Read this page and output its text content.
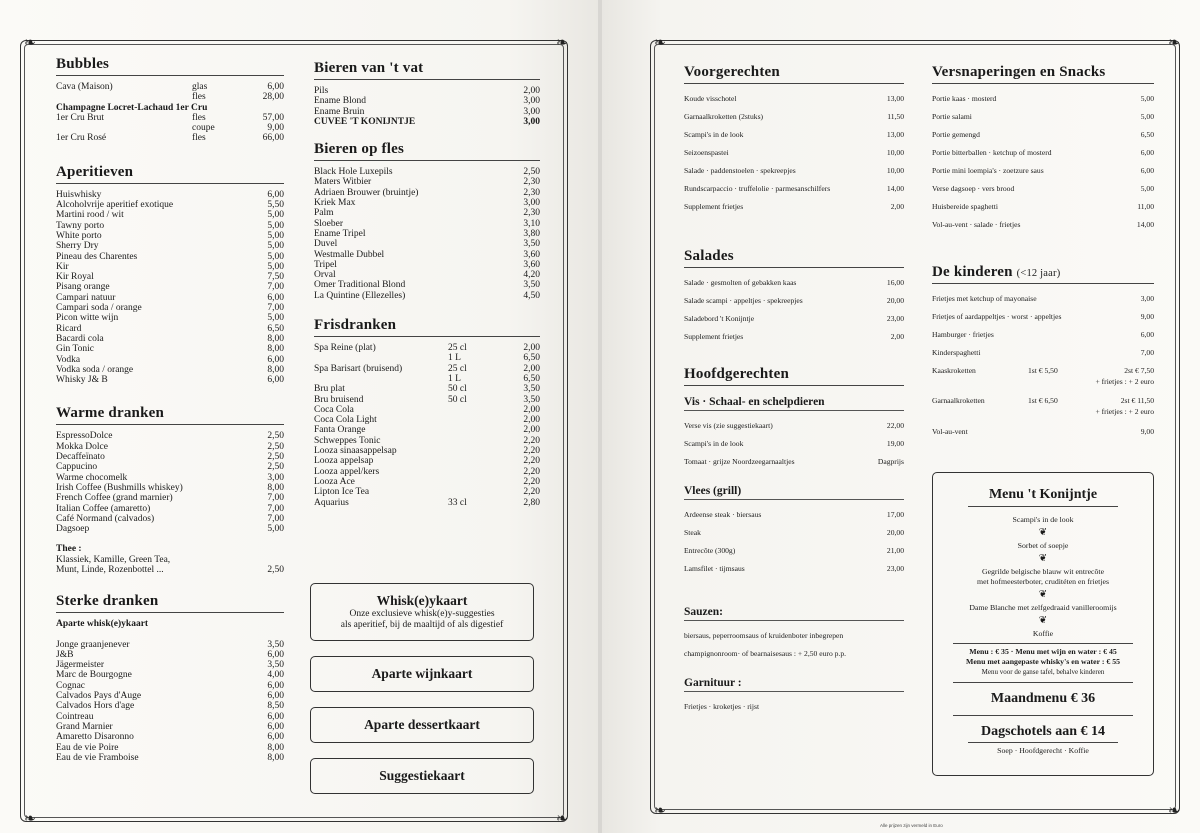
❧	❧
❧	❧
❧	❧
❧	❧
Bubbles
Cava (Maison)	glas	6,00
fles	28,00
Champagne Locret-Lachaud 1er Cru
1er Cru Brut	fles	57,00
coupe	9,00
1er Cru Rosé	fles	66,00
Aperitieven
Huiswhisky	6,00
Alcoholvrije aperitief exotique	5,50
Martini rood / wit	5,00
Tawny porto	5,00
White porto	5,00
Sherry Dry	5,00
Pineau des Charentes	5,00
Kir	5,00
Kir Royal	7,50
Pisang orange	7,00
Campari natuur	6,00
Campari soda / orange	7,00
Picon witte wijn	5,00
Ricard	6,50
Bacardi cola	8,00
Gin Tonic	8,00
Vodka	6,00
Vodka soda / orange	8,00
Whisky J& B	6,00
Warme dranken
EspressoDolce	2,50
Mokka Dolce	2,50
Decaffeïnato	2,50
Cappucino	2,50
Warme chocomelk	3,00
Irish Coffee (Bushmills whiskey)	8,00
French Coffee (grand marnier)	7,00
Italian Coffee (amaretto)	7,00
Café Normand (calvados)	7,00
Dagsoep	5,00
Thee :
Klassiek, Kamille, Green Tea,
Munt, Linde, Rozenbottel ...	2,50
Sterke dranken
Aparte whisk(e)ykaart
Jonge graanjenever	3,50
J&B	6,00
Jägermeister	3,50
Marc de Bourgogne	4,00
Cognac	6,00
Calvados Pays d'Auge	6,00
Calvados Hors d'age	8,50
Cointreau	6,00
Grand Marnier	6,00
Amaretto Disaronno	6,00
Eau de vie Poire	8,00
Eau de vie Framboise	8,00
Bieren van 't vat
Pils	2,00
Ename Blond	3,00
Ename Bruin	3,00
CUVEE 'T KONIJNTJE	3,00
Bieren op fles
Black Hole Luxepils	2,50
Maters Witbier	2,30
Adriaen Brouwer (bruintje)	2,30
Kriek Max	3,00
Palm	2,30
Sloeber	3,10
Ename Tripel	3,80
Duvel	3,50
Westmalle Dubbel	3,60
Tripel	3,60
Orval	4,20
Omer Traditional Blond	3,50
La Quintine (Ellezelles)	4,50
Frisdranken
Spa Reine (plat)	25 cl	2,00
1 L	6,50
Spa Barisart (bruisend)	25 cl	2,00
1 L	6,50
Bru plat	50 cl	3,50
Bru bruisend	50 cl	3,50
Coca Cola	2,00
Coca Cola Light	2,00
Fanta Orange	2,00
Schweppes Tonic	2,20
Looza sinaasappelsap	2,20
Looza appelsap	2,20
Looza appel/kers	2,20
Looza Ace	2,20
Lipton Ice Tea	2,20
Aquarius	33 cl	2,80
Whisk(e)ykaart
Onze exclusieve whisk(e)y-suggesties
als aperitief, bij de maaltijd of als digestief
Aparte wijnkaart
Aparte dessertkaart
Suggestiekaart
Voorgerechten
Koude visschotel	13,00
Garnaalkroketten (2stuks)	11,50
Scampi's in de look	13,00
Seizoenspastei	10,00
Salade · paddenstoelen · spekreepjes	10,00
Rundscarpaccio · truffelolie · parmesanschilfers	14,00
Supplement frietjes	2,00
Salades
Salade · gesmolten of gebakken kaas	16,00
Salade scampi · appeltjes · spekreepjes	20,00
Saladebord 't Konijntje	23,00
Supplement frietjes	2,00
Hoofdgerechten
Vis · Schaal- en schelpdieren
Verse vis (zie suggestiekaart)	22,00
Scampi's in de look	19,00
Tomaat · grijze Noordzeegarnaaltjes	Dagprijs
Vlees (grill)
Ardeense steak · biersaus	17,00
Steak	20,00
Entrecôte (300g)	21,00
Lamsfilet · tijmsaus	23,00
Sauzen:
biersaus, peperroomsaus of kruidenboter inbegrepen
champignonroom· of bearnaisesaus : + 2,50 euro p.p.
Garnituur :
Frietjes · kroketjes · rijst
Versnaperingen en Snacks
Portie kaas · mosterd	5,00
Portie salami	5,00
Portie gemengd	6,50
Portie bitterballen · ketchup of mosterd	6,00
Portie mini loempia's · zoetzure saus	6,00
Verse dagsoep · vers brood	5,00
Huisbereide spaghetti	11,00
Vol-au-vent · salade · frietjes	14,00
De kinderen (<12 jaar)
Frietjes met ketchup of mayonaise	3,00
Frietjes of aardappeltjes · worst · appeltjes	9,00
Hamburger · frietjes	6,00
Kinderspaghetti	7,00
Kaaskroketten	1st € 5,50	2st € 7,50
+ frietjes : + 2 euro
Garnaalkroketten	1st € 6,50	2st € 11,50
+ frietjes : + 2 euro
Vol-au-vent	9,00
Menu 't Konijntje
Scampi's in de look
❦
Sorbet of soepje
❦
Gegrilde belgische blauw wit entrecôte
met hofmeesterboter, cruditéten en frietjes
❦
Dame Blanche met zelfgedraaid vanilleroomijs
❦
Koffie
Menu : € 35 · Menu met wijn en water : € 45
Menu met aangepaste whisky's en water : € 55
Menu voor de ganse tafel, behalve kinderen
Maandmenu € 36
Dagschotels aan € 14
Soep · Hoofdgerecht · Koffie
Alle prijzen zijn vermeld in Euro
